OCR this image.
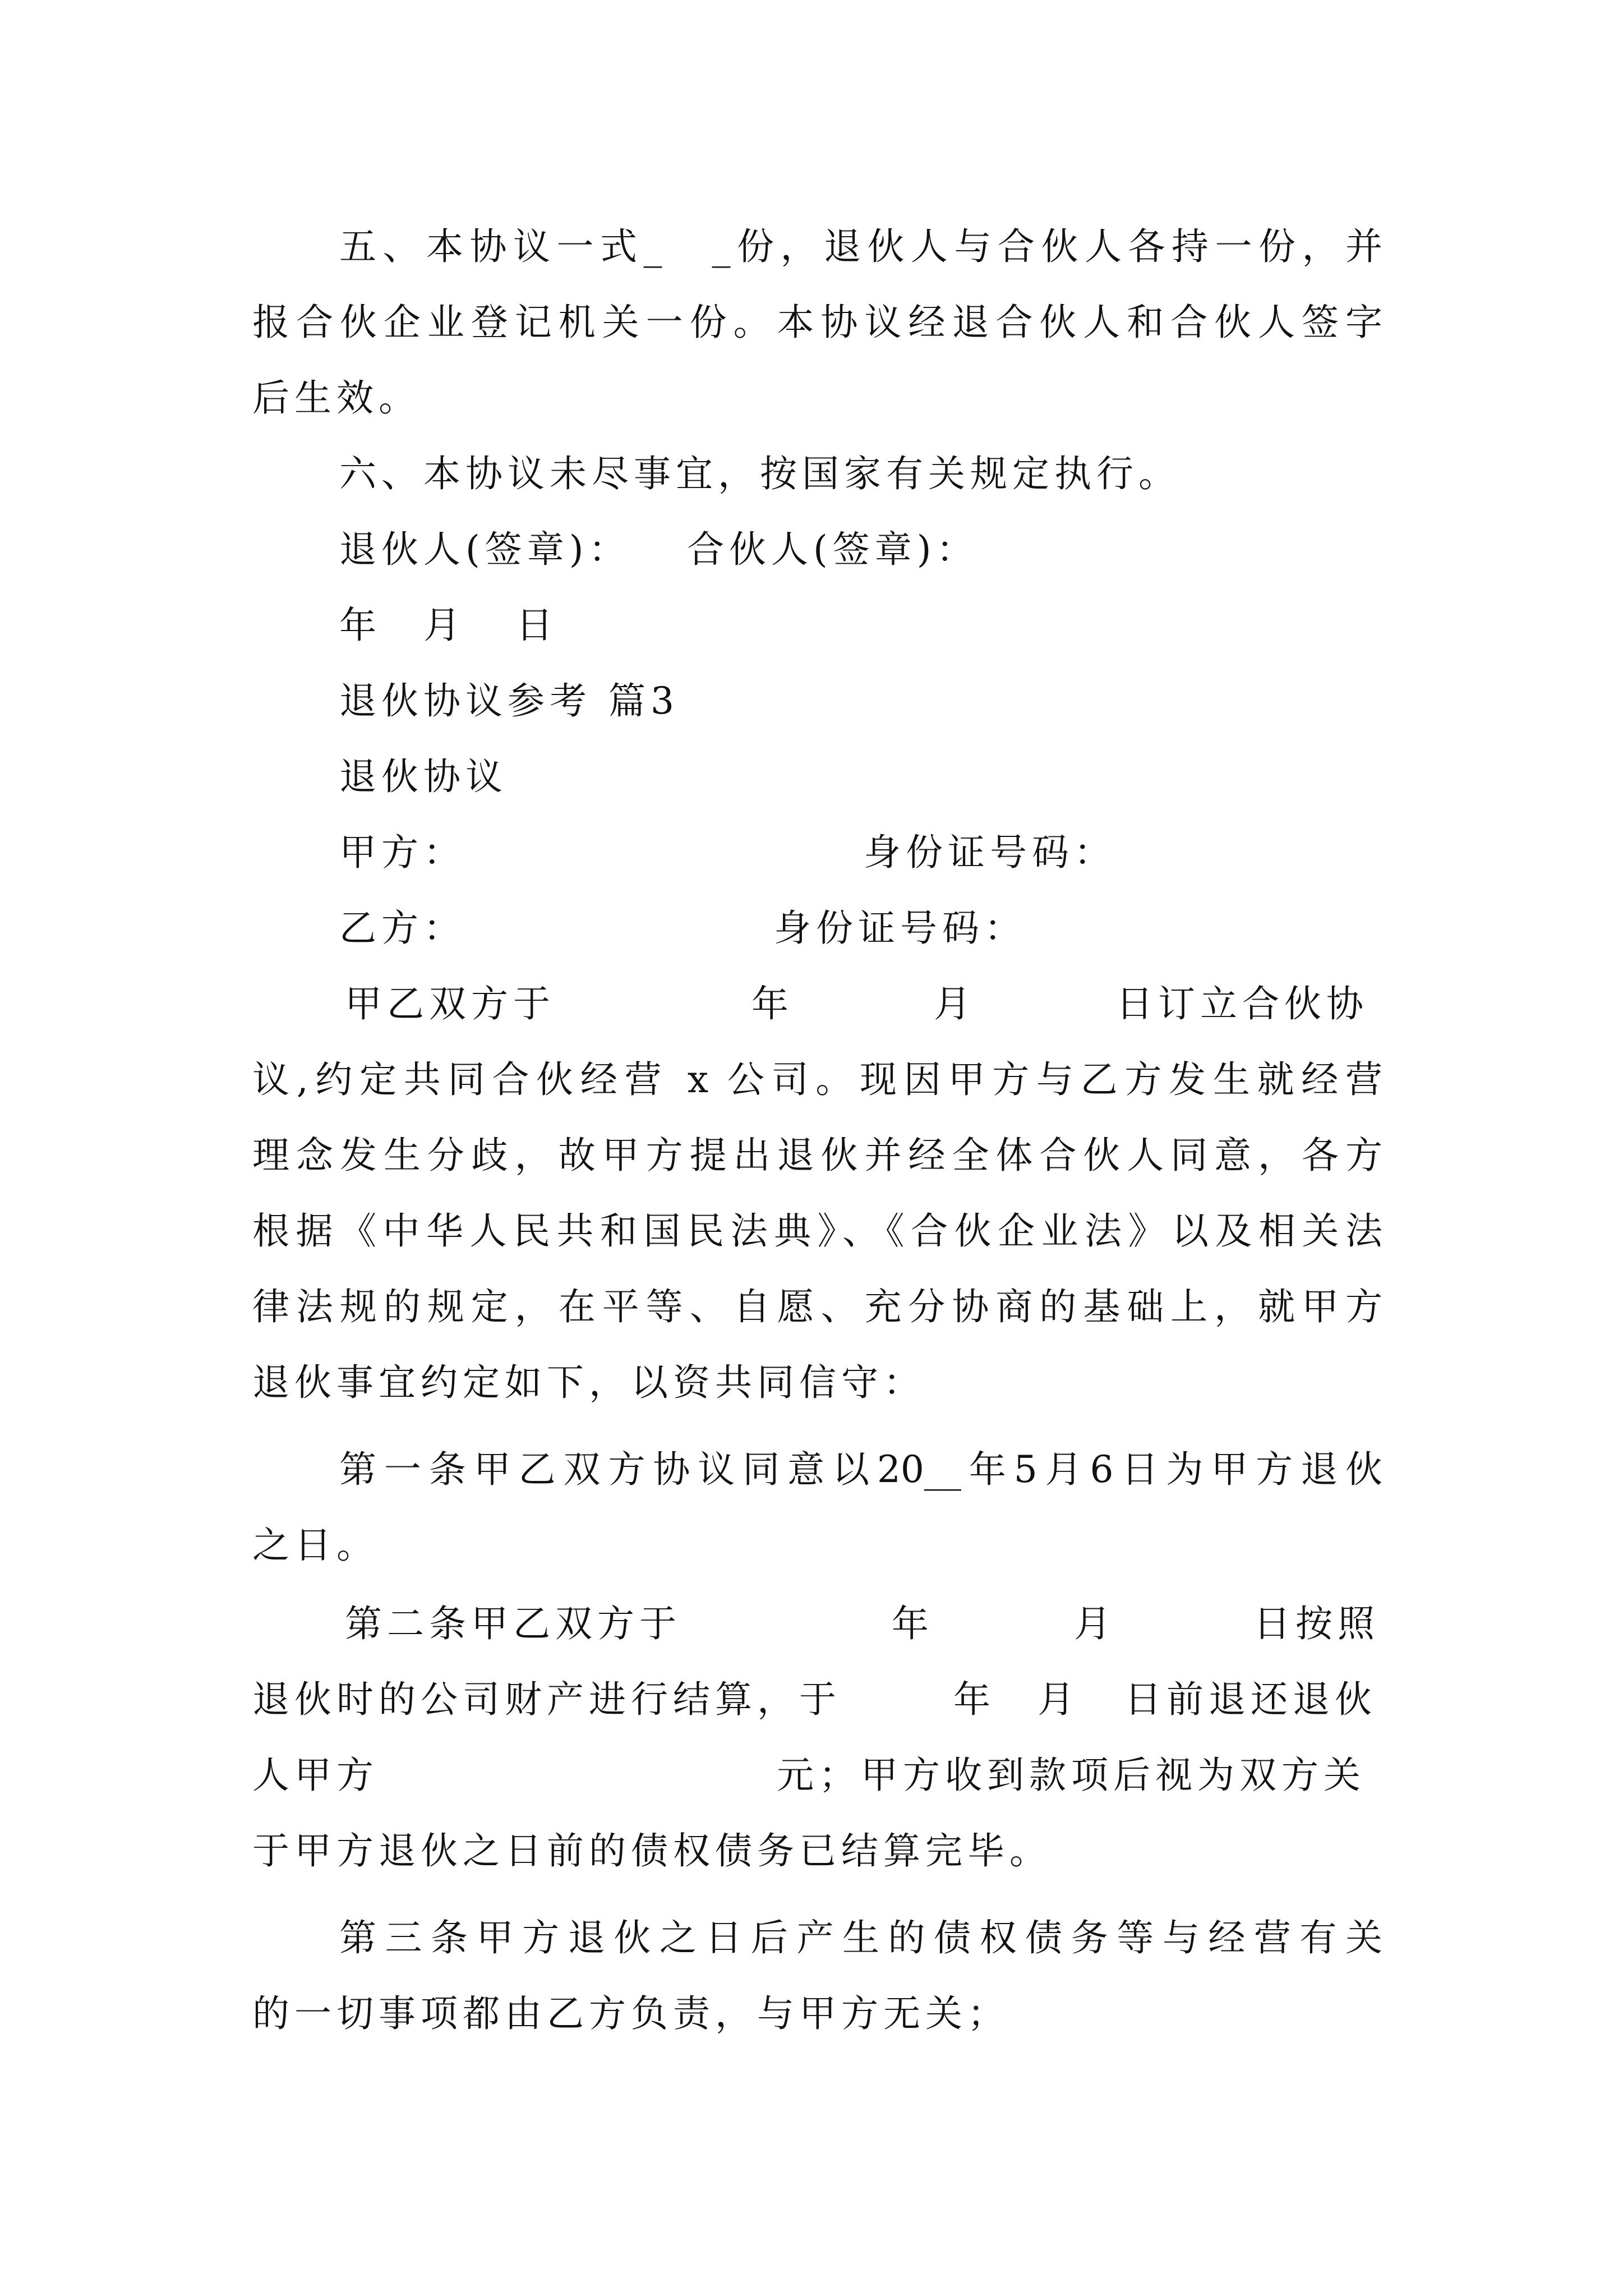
五、本协议一式_　_份，退伙人与合伙人各持一份，并
报合伙企业登记机关一份。本协议经退合伙人和合伙人签字
后生效。
六、本协议未尽事宜，按国家有关规定执行。

退伙人(签章)：

合伙人(签章)：

年

月

日

退伙协议参考 篇3
退伙协议

甲方：

	身份证号码：

乙方：

	身份证号码：

甲乙双方于

	年

	月

	日订立合伙协

议,约定共同合伙经营 x 公司。现因甲方与乙方发生就经营
理念发生分歧，故甲方提出退伙并经全体合伙人同意，各方
根据《中华人民共和国民法典》、《合伙企业法》以及相关法
律法规的规定，在平等、自愿、充分协商的基础上，就甲方
退伙事宜约定如下，以资共同信守：
第一条甲乙双方协议同意以20__年5月6日为甲方退伙
之日。

第二条甲乙双方于

	年

	月

	日按照

退伙时的公司财产进行结算，于

	年

月

日前退还退伙

人甲方

	元；甲方收到款项后视为双方关

于甲方退伙之日前的债权债务已结算完毕。
第三条甲方退伙之日后产生的债权债务等与经营有关
的一切事项都由乙方负责，与甲方无关；
